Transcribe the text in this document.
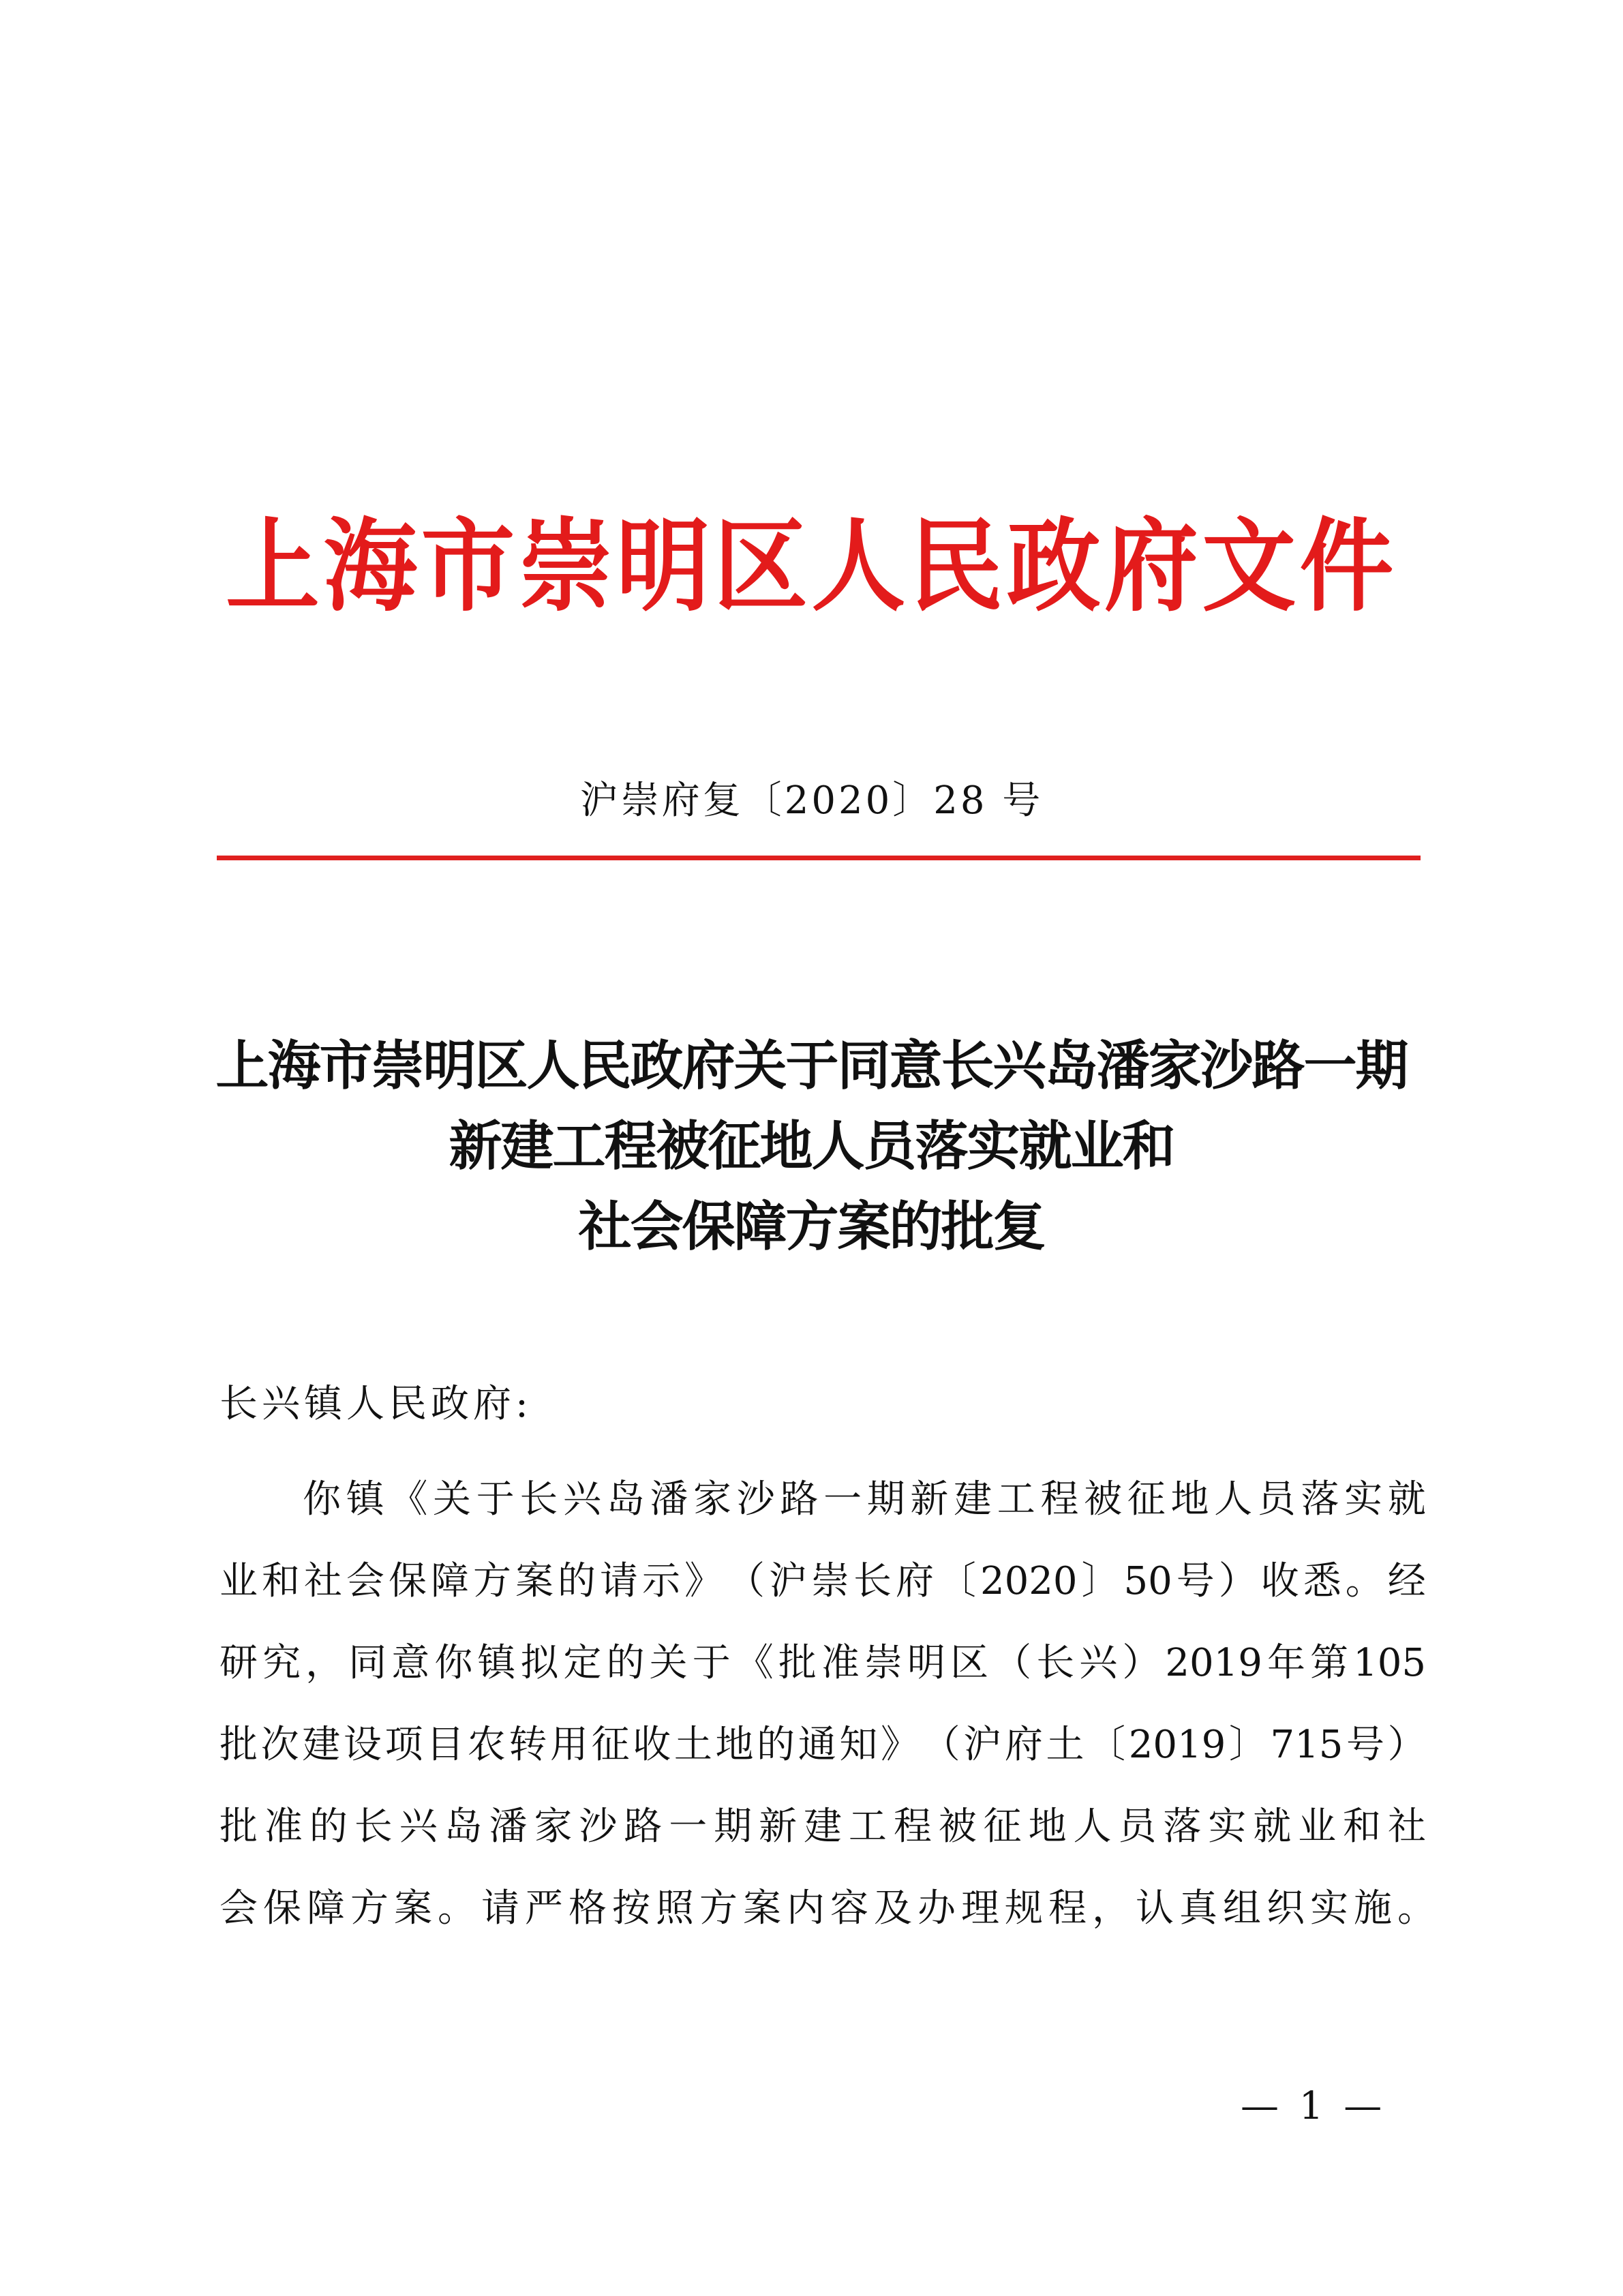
上海市崇明区人民政府文件
沪崇府复〔2020〕28 号
上海市崇明区人民政府关于同意长兴岛潘家沙路一期
新建工程被征地人员落实就业和
社会保障方案的批复
长兴镇人民政府:
你 镇 《 关 于 长 兴 岛 潘 家 沙 路 一 期 新 建 工 程 被 征 地 人 员 落 实 就
业 和 社 会 保 障 方 案 的 请 示 》 （ 沪 崇 长 府 〔 2020 〕 50 号 ） 收 悉 。 经
研 究 ， 同 意 你 镇 拟 定 的 关 于 《 批 准 崇 明 区 （ 长 兴 ） 2019 年 第 105
批 次 建 设 项 目 农 转 用 征 收 土 地 的 通 知 》 （ 沪 府 土 〔 2019 〕 715 号 ）
批 准 的 长 兴 岛 潘 家 沙 路 一 期 新 建 工 程 被 征 地 人 员 落 实 就 业 和 社
会保障方案。请严格按照方案内容及办理规程，认真组织实施。
— 1 —
